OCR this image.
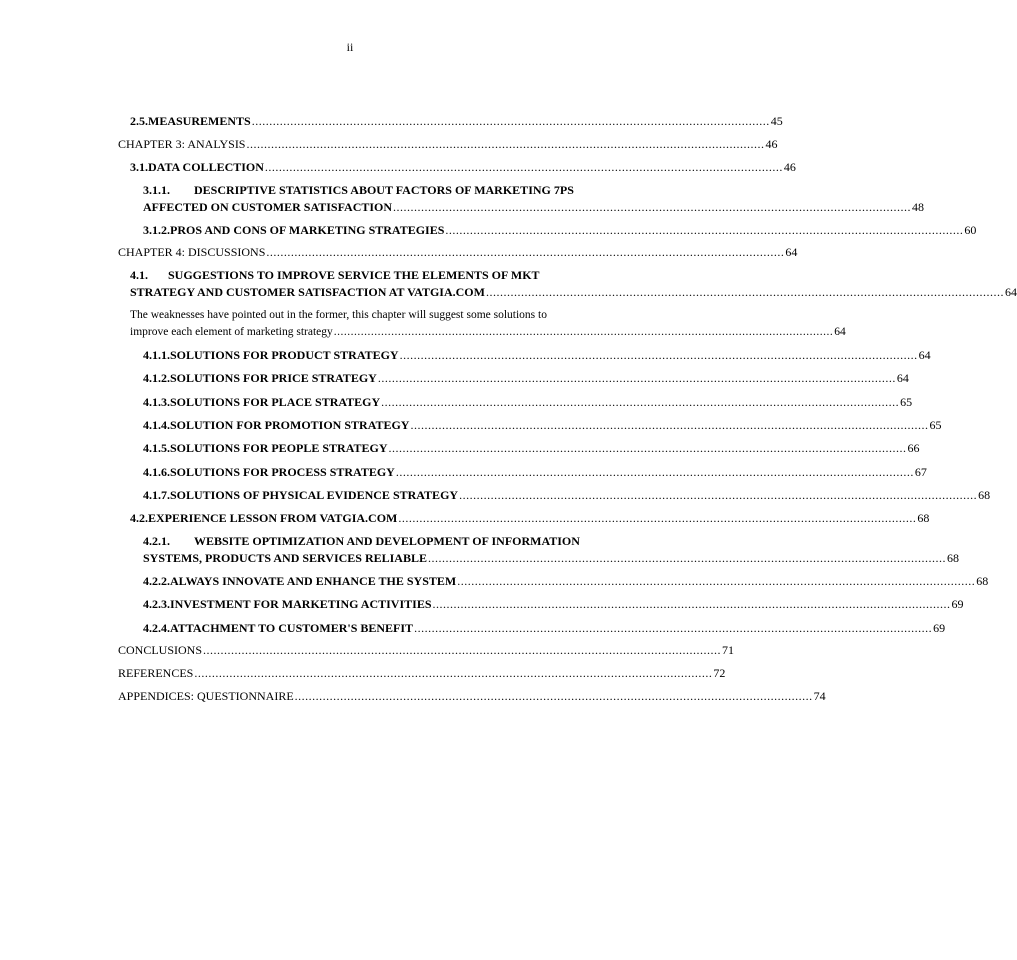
ii
2.5. MEASUREMENTS .................................................................................................................................................... 45
CHAPTER 3: ANALYSIS .................................................................................................................................................... 46
3.1. DATA COLLECTION .................................................................................................................................................... 46
3.1.1.	DESCRIPTIVE STATISTICS ABOUT FACTORS OF MARKETING 7PS
AFFECTED ON CUSTOMER SATISFACTION .................................................................................................................................................... 48
3.1.2. PROS AND CONS OF MARKETING STRATEGIES .................................................................................................................................................... 60
CHAPTER 4: DISCUSSIONS .................................................................................................................................................... 64
4.1.	SUGGESTIONS TO IMPROVE SERVICE THE ELEMENTS OF MKT
STRATEGY AND CUSTOMER SATISFACTION AT VATGIA.COM .................................................................................................................................................... 64
The weaknesses have pointed out in the former, this chapter will suggest some solutions to
improve each element of marketing strategy .................................................................................................................................................... 64
4.1.1. SOLUTIONS FOR PRODUCT STRATEGY .................................................................................................................................................... 64
4.1.2. SOLUTIONS FOR PRICE STRATEGY .................................................................................................................................................... 64
4.1.3. SOLUTIONS FOR PLACE STRATEGY .................................................................................................................................................... 65
4.1.4. SOLUTION FOR PROMOTION STRATEGY .................................................................................................................................................... 65
4.1.5. SOLUTIONS FOR PEOPLE STRATEGY .................................................................................................................................................... 66
4.1.6. SOLUTIONS FOR PROCESS STRATEGY .................................................................................................................................................... 67
4.1.7. SOLUTIONS OF PHYSICAL EVIDENCE STRATEGY .................................................................................................................................................... 68
4.2. EXPERIENCE LESSON FROM VATGIA.COM .................................................................................................................................................... 68
4.2.1.	WEBSITE OPTIMIZATION AND DEVELOPMENT OF INFORMATION
SYSTEMS, PRODUCTS AND SERVICES RELIABLE .................................................................................................................................................... 68
4.2.2. ALWAYS INNOVATE AND ENHANCE THE SYSTEM .................................................................................................................................................... 68
4.2.3. INVESTMENT FOR MARKETING ACTIVITIES .................................................................................................................................................... 69
4.2.4. ATTACHMENT TO CUSTOMER'S BENEFIT .................................................................................................................................................... 69
CONCLUSIONS .................................................................................................................................................... 71
REFERENCES .................................................................................................................................................... 72
APPENDICES: QUESTIONNAIRE .................................................................................................................................................... 74
